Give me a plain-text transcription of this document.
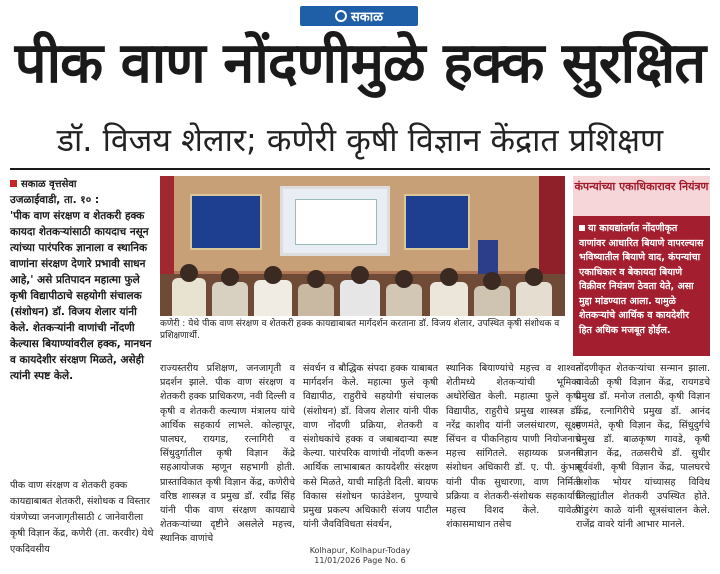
सकाळ
पीक वाण नोंदणीमुळे हक्क सुरक्षित
डॉ. विजय शेलार; कणेरी कृषी विज्ञान केंद्रात प्रशिक्षण
सकाळ वृत्तसेवा
उजळाईवाडी, ता. १० :
'पीक वाण संरक्षण व शेतकरी हक्क कायदा शेतकऱ्यांसाठी कायदाच नसून त्यांच्या पारंपरिक ज्ञानाला व स्थानिक वाणांना संरक्षण देणारे प्रभावी साधन आहे,' असे प्रतिपादन महात्मा फुले कृषी विद्यापीठाचे सहयोगी संचालक (संशोधन) डॉ. विजय शेलार यांनी केले. शेतकऱ्यांनी वाणांची नोंदणी केल्यास बियाण्यांवरील हक्क, मानधन व कायदेशीर संरक्षण मिळते, असेही त्यांनी स्पष्ट केले.
पीक वाण संरक्षण व शेतकरी हक्क कायद्याबाबत शेतकरी, संशोधक व विस्तार यंत्रणेच्या जनजागृतीसाठी ८ जानेवारीला कृषी विज्ञान केंद्र, कणेरी (ता. करवीर) येथे एकदिवसीय
कणेरी : येथे पीक वाण संरक्षण व शेतकरी हक्क कायद्याबाबत मार्गदर्शन करताना डॉ. विजय शेलार, उपस्थित कृषी संशोधक व प्रशिक्षणार्थी.
कंपन्यांच्या एकाधिकारावर नियंत्रण
या कायद्यांतर्गत नोंदणीकृत वाणांवर आधारित बियाणे वापरल्यास भविष्यातील बियाणे वाद, कंपन्यांचा एकाधिकार व बेकायदा बियाणे विक्रीवर नियंत्रण ठेवता येते, असा मुद्दा मांडण्यात आला. यामुळे शेतकऱ्यांचे आर्थिक व कायदेशीर हित अधिक मजबूत होईल.
राज्यस्तरीय प्रशिक्षण, जनजागृती व प्रदर्शन झाले. पीक वाण संरक्षण व शेतकरी हक्क प्राधिकरण, नवी दिल्ली व कृषी व शेतकरी कल्याण मंत्रालय यांचे आर्थिक सहकार्य लाभले. कोल्हापूर, पालघर, रायगड, रत्नागिरी व सिंधुदुर्गातील कृषी विज्ञान केंद्रे सहआयोजक म्हणून सहभागी होती. प्रास्ताविकात कृषी विज्ञान केंद्र, कणेरीचे वरिष्ठ शास्त्रज्ञ व प्रमुख डॉ. रवींद्र सिंह यांनी पीक वाण संरक्षण कायद्याचे शेतकऱ्यांच्या दृष्टीने असलेले महत्त्व, स्थानिक वाणांचे
संवर्धन व बौद्धिक संपदा हक्क याबाबत मार्गदर्शन केले. महात्मा फुले कृषी विद्यापीठ, राहुरीचे सहयोगी संचालक (संशोधन) डॉ. विजय शेलार यांनी पीक वाण नोंदणी प्रक्रिया, शेतकरी व संशोधकांचे हक्क व जबाबदाऱ्या स्पष्ट केल्या. पारंपरिक वाणांची नोंदणी करून आर्थिक लाभाबाबत कायदेशीर संरक्षण कसे मिळते, याची माहिती दिली. बायफ विकास संशोधन फाउंडेशन, पुण्याचे प्रमुख प्रकल्प अधिकारी संजय पाटील यांनी जैवविविधता संवर्धन,
स्थानिक बियाण्यांचे महत्त्व व शाश्वत शेतीमध्ये शेतकऱ्यांची भूमिका अधोरेखित केली. महात्मा फुले कृषी विद्यापीठ, राहुरीचे प्रमुख शास्त्रज्ञ डॉ. नरेंद्र काशीद यांनी जलसंधारण, सूक्ष्म सिंचन व पीकनिहाय पाणी नियोजनाचे महत्त्व सांगितले. सहाय्यक प्रजनन संशोधन अधिकारी डॉ. ए. पी. कुंभार यांनी पीक सुधारणा, वाण निर्मिती प्रक्रिया व शेतकरी-संशोधक सहकार्याचे महत्त्व विशद केले. यावेळी शंकासमाधान तसेच
नोंदणीकृत शेतकऱ्यांचा सन्मान झाला. यावेळी कृषी विज्ञान केंद्र, रायगडचे प्रमुख डॉ. मनोज तलाठी, कृषी विज्ञान केंद्र, रत्नागिरीचे प्रमुख डॉ. आनंद हणमंते, कृषी विज्ञान केंद्र, सिंधुदुर्गचे प्रमुख डॉ. बाळकृष्ण गावडे, कृषी विज्ञान केंद्र, तळसरीचे डॉ. सुधीर सूर्यवंशी, कृषी विज्ञान केंद्र, पालघरचे अशोक भोयर यांच्यासह विविध जिल्ह्यांतील शेतकरी उपस्थित होते. पांडुरंग काळे यांनी सूत्रसंचालन केले. राजेंद्र वावरे यांनी आभार मानले.
Kolhapur, Kolhapur-Today
11/01/2026 Page No. 6
